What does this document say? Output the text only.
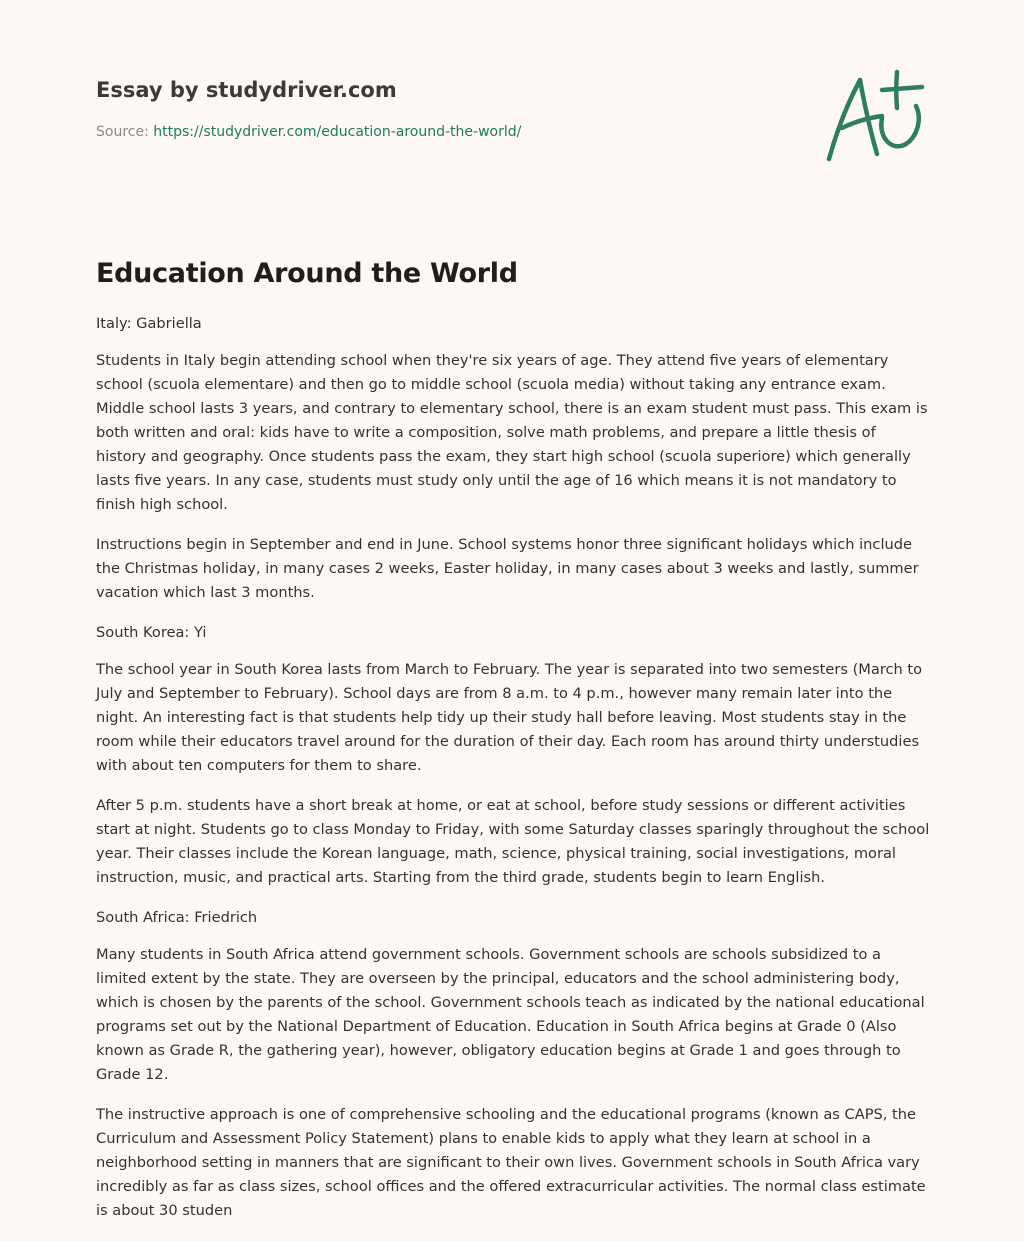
Essay by studydriver.com
Source: https://studydriver.com/education-around-the-world/
Education Around the World

Italy: Gabriella

Students in Italy begin attending school when they're six years of age. They attend five years of elementary school (scuola elementare) and then go to middle school (scuola media) without taking any entrance exam. Middle school lasts 3 years, and contrary to elementary school, there is an exam student must pass. This exam is both written and oral: kids have to write a composition, solve math problems, and prepare a little thesis of history and geography. Once students pass the exam, they start high school (scuola superiore) which generally lasts five years. In any case, students must study only until the age of 16 which means it is not mandatory to finish high school.

Instructions begin in September and end in June. School systems honor three significant holidays which include the Christmas holiday, in many cases 2 weeks, Easter holiday, in many cases about 3 weeks and lastly, summer vacation which last 3 months.

South Korea: Yi

The school year in South Korea lasts from March to February. The year is separated into two semesters (March to July and September to February). School days are from 8 a.m. to 4 p.m., however many remain later into the night. An interesting fact is that students help tidy up their study hall before leaving. Most students stay in the room while their educators travel around for the duration of their day. Each room has around thirty understudies with about ten computers for them to share.

After 5 p.m. students have a short break at home, or eat at school, before study sessions or different activities start at night. Students go to class Monday to Friday, with some Saturday classes sparingly throughout the school year. Their classes include the Korean language, math, science, physical training, social investigations, moral instruction, music, and practical arts. Starting from the third grade, students begin to learn English.

South Africa: Friedrich

Many students in South Africa attend government schools. Government schools are schools subsidized to a limited extent by the state. They are overseen by the principal, educators and the school administering body, which is chosen by the parents of the school. Government schools teach as indicated by the national educational programs set out by the National Department of Education. Education in South Africa begins at Grade 0 (Also known as Grade R, the gathering year), however, obligatory education begins at Grade 1 and goes through to Grade 12.

The instructive approach is one of comprehensive schooling and the educational programs (known as CAPS, the Curriculum and Assessment Policy Statement) plans to enable kids to apply what they learn at school in a neighborhood setting in manners that are significant to their own lives. Government schools in South Africa vary incredibly as far as class sizes, school offices and the offered extracurricular activities. The normal class estimate is about 30 studen
